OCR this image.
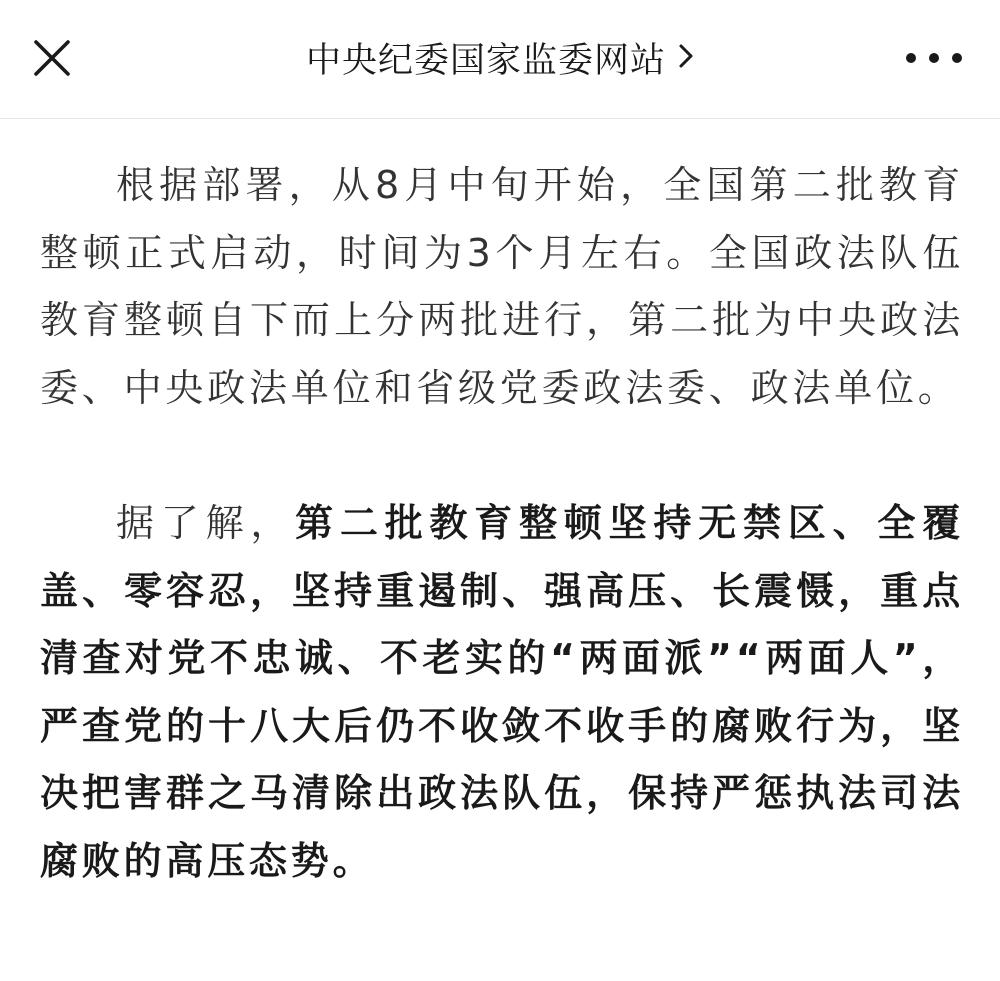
中央纪委国家监委网站

根据部署，从8月中旬开始，全国第二批教育整顿正式启动，时间为3个月左右。全国政法队伍教育整顿自下而上分两批进行，第二批为中央政法委、中央政法单位和省级党委政法委、政法单位。

据了解，第二批教育整顿坚持无禁区、全覆盖、零容忍，坚持重遏制、强高压、长震慑，重点清查对党不忠诚、不老实的“两面派”“两面人”，严查党的十八大后仍不收敛不收手的腐败行为，坚决把害群之马清除出政法队伍，保持严惩执法司法腐败的高压态势。
